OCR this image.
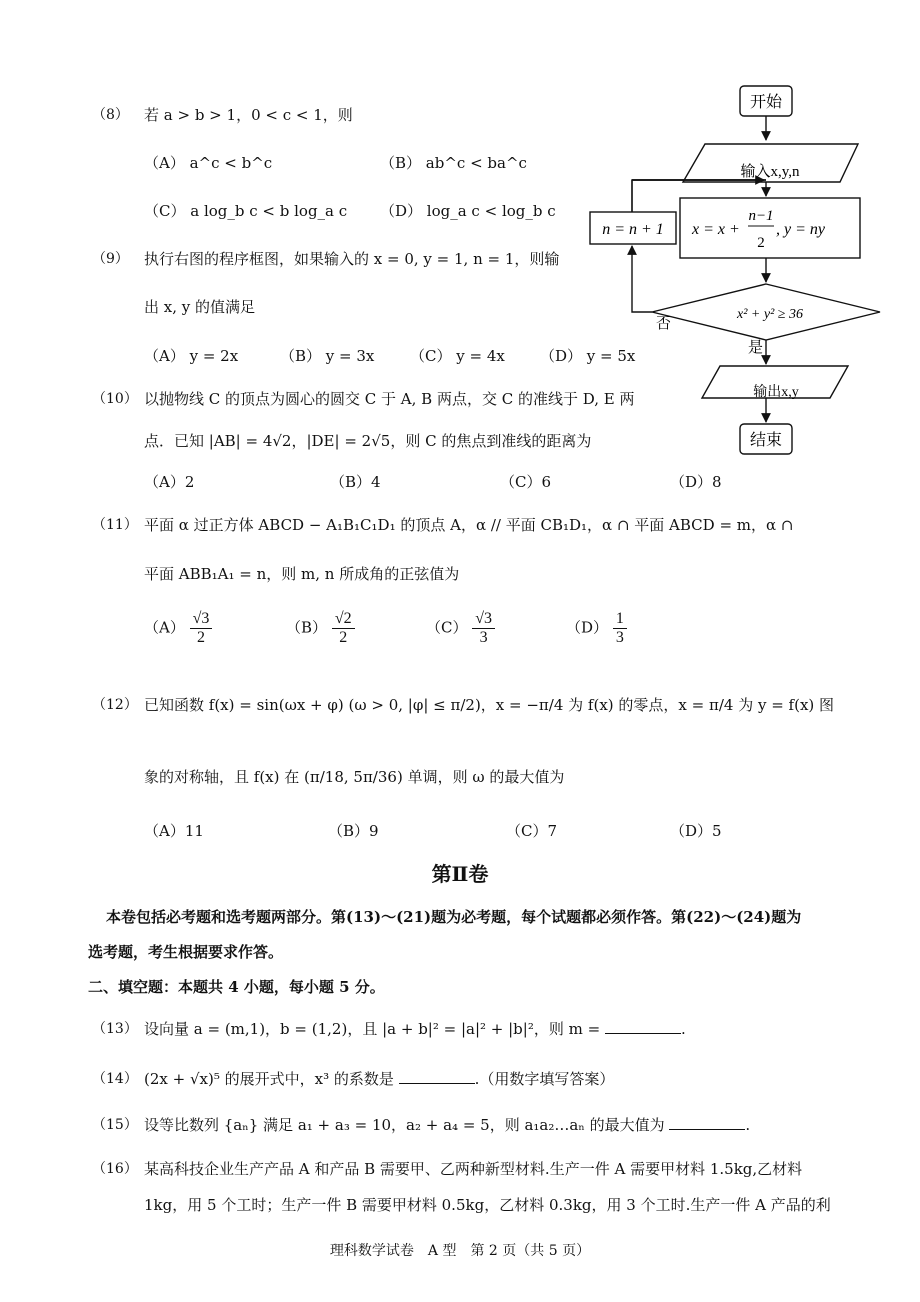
开始
输入x,y,n
x = x +
n−1
2
, y = ny
n = n + 1
x² + y² ≥ 36
否
是
输出x,y
结束
（8） 若 a > b > 1，0 < c < 1，则
（A） a^c < b^c	（B） ab^c < ba^c
（C） a log_b c < b log_a c （D） log_a c < log_b c
（9） 执行右图的程序框图，如果输入的 x = 0, y = 1, n = 1，则输
出 x, y 的值满足
（A） y = 2x	（B） y = 3x （C） y = 4x （D） y = 5x
（10） 以抛物线 C 的顶点为圆心的圆交 C 于 A, B 两点，交 C 的准线于 D, E 两
点．已知 |AB| = 4√2，|DE| = 2√5，则 C 的焦点到准线的距离为
（A）2	（B）4	（C）6	（D）8
（11） 平面 α 过正方体 ABCD − A₁B₁C₁D₁ 的顶点 A，α // 平面 CB₁D₁，α ∩ 平面 ABCD = m，α ∩
平面 ABB₁A₁ = n，则 m, n 所成角的正弦值为
$(A) \frac{√3}{2}$	$(B) \frac{√2}{2}$	$(C) \frac{√3}{3}$	$(D) \frac{1}{3}$
（12） 已知函数 f(x) = sin(ωx + φ) (ω > 0, |φ| ≤ π/2)，x = −π/4 为 f(x) 的零点，x = π/4 为 y = f(x) 图
象的对称轴，且 f(x) 在 (π/18, 5π/36) 单调，则 ω 的最大值为
（A）11	（B）9	（C）7	（D）5
第Ⅱ卷
本卷包括必考题和选考题两部分。第(13)～(21)题为必考题，每个试题都必须作答。第(22)～(24)题为
选考题，考生根据要求作答。
二、填空题：本题共 4 小题，每小题 5 分。
（13） 设向量 a = (m,1)，b = (1,2)，且 |a + b|² = |a|² + |b|²，则 m =	.
（14） (2x + √x)⁵ 的展开式中，x³ 的系数是	.（用数字填写答案）
（15） 设等比数列 {aₙ} 满足 a₁ + a₃ = 10，a₂ + a₄ = 5，则 a₁a₂…aₙ 的最大值为	.
（16） 某高科技企业生产产品 A 和产品 B 需要甲、乙两种新型材料.生产一件 A 需要甲材料 1.5kg,乙材料
1kg，用 5 个工时；生产一件 B 需要甲材料 0.5kg，乙材料 0.3kg，用 3 个工时.生产一件 A 产品的利
理科数学试卷　A 型　第 2 页（共 5 页）
